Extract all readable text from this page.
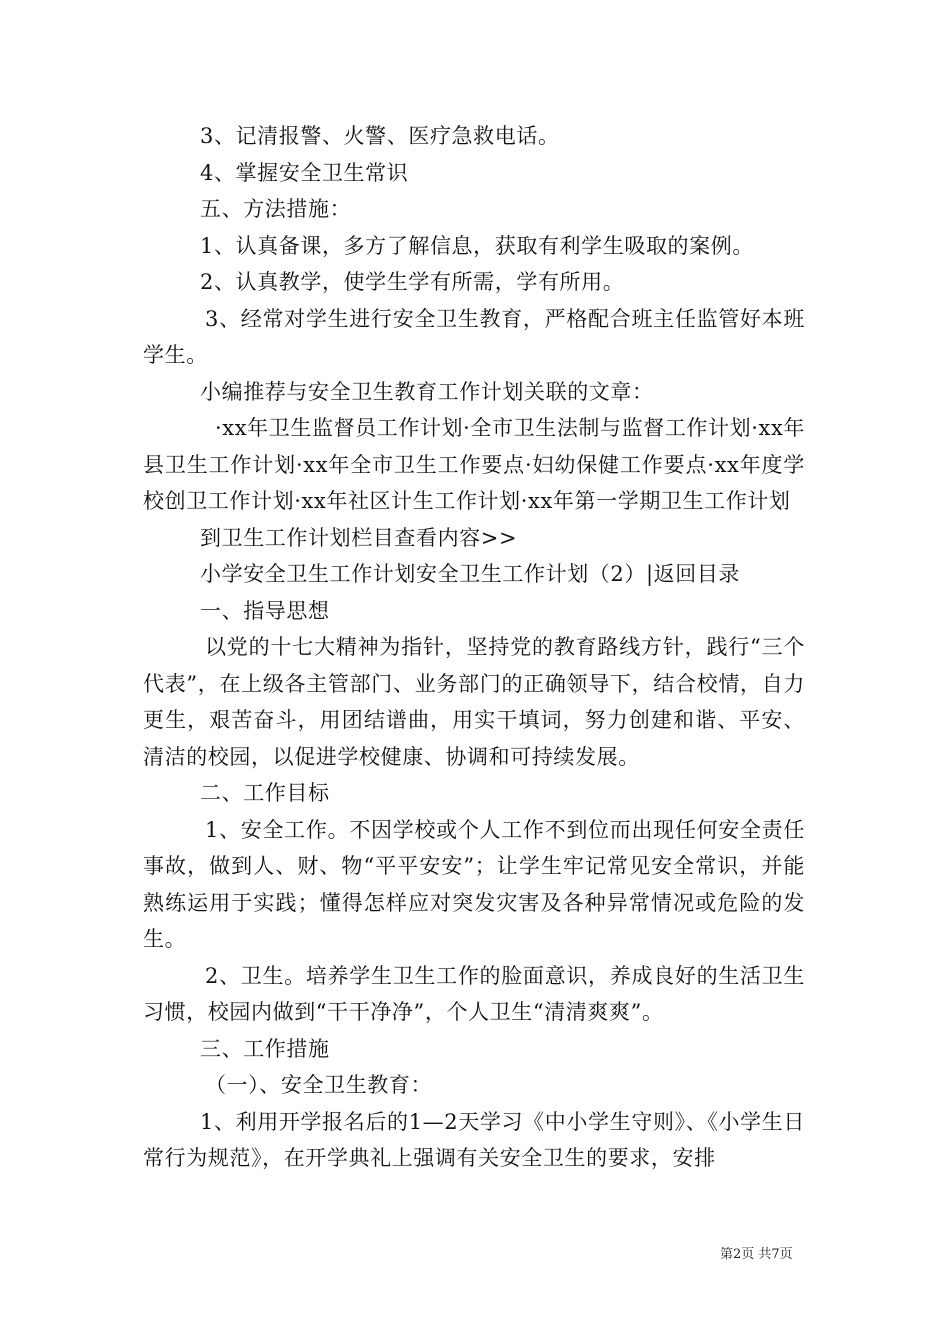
3、记清报警、火警、医疗急救电话。

4、掌握安全卫生常识

五、方法措施：

1、认真备课，多方了解信息，获取有利学生吸取的案例。

2、认真教学，使学生学有所需，学有所用。

3、经常对学生进行安全卫生教育，严格配合班主任监管好本班学生。

小编推荐与安全卫生教育工作计划关联的文章：

·xx年卫生监督员工作计划·全市卫生法制与监督工作计划·xx年县卫生工作计划·xx年全市卫生工作要点·妇幼保健工作要点·xx年度学校创卫工作计划·xx年社区计生工作计划·xx年第一学期卫生工作计划

到卫生工作计划栏目查看内容>>

小学安全卫生工作计划安全卫生工作计划（2）|返回目录

一、指导思想

以党的十七大精神为指针，坚持党的教育路线方针，践行“三个代表”，在上级各主管部门、业务部门的正确领导下，结合校情，自力更生，艰苦奋斗，用团结谱曲，用实干填词，努力创建和谐、平安、清洁的校园，以促进学校健康、协调和可持续发展。

二、工作目标

1、安全工作。不因学校或个人工作不到位而出现任何安全责任事故，做到人、财、物“平平安安”；让学生牢记常见安全常识，并能熟练运用于实践；懂得怎样应对突发灾害及各种异常情况或危险的发生。

2、卫生。培养学生卫生工作的脸面意识，养成良好的生活卫生习惯，校园内做到“干干净净”，个人卫生“清清爽爽”。

三、工作措施

（一）、安全卫生教育：

1、利用开学报名后的1—2天学习《中小学生守则》、《小学生日常行为规范》，在开学典礼上强调有关安全卫生的要求，安排

第2页 共7页
